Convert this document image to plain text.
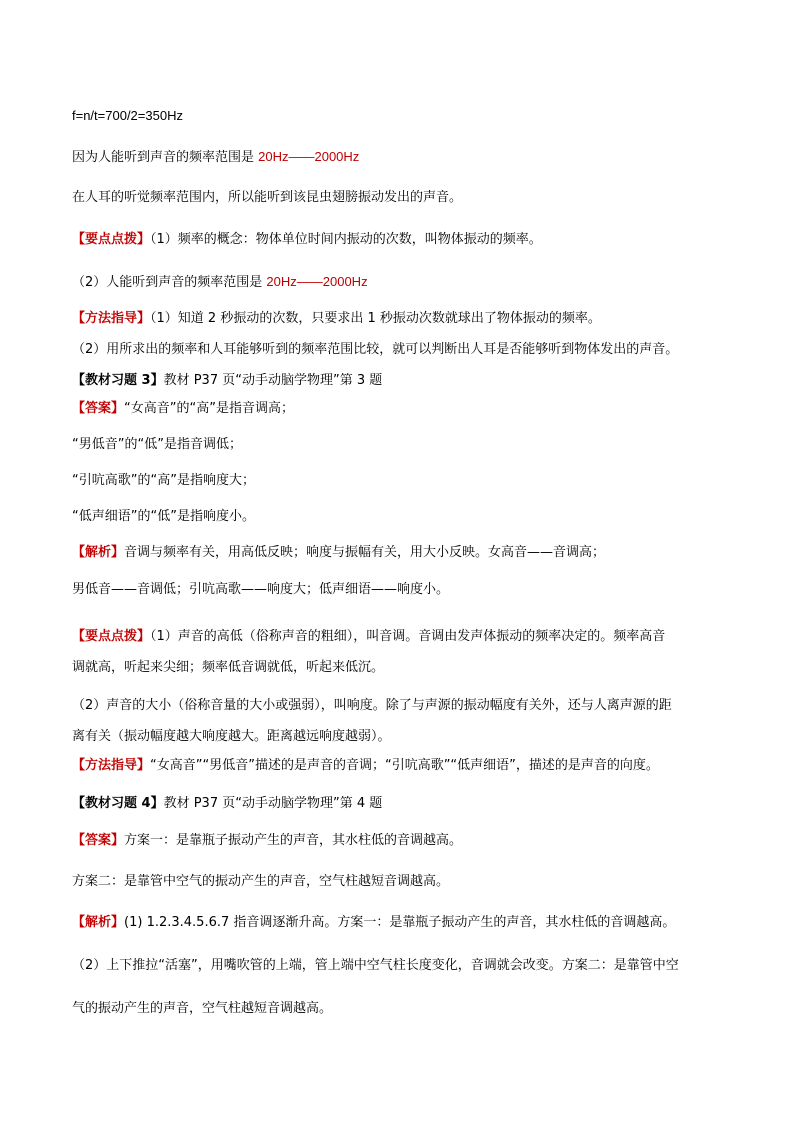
f=n/t=700/2=350Hz
因为人能听到声音的频率范围是 20Hz——2000Hz
在人耳的听觉频率范围内，所以能听到该昆虫翅膀振动发出的声音。
【要点点拨】（1）频率的概念：物体单位时间内振动的次数，叫物体振动的频率。
（2）人能听到声音的频率范围是 20Hz——2000Hz
【方法指导】（1）知道 2 秒振动的次数，只要求出 1 秒振动次数就球出了物体振动的频率。
（2）用所求出的频率和人耳能够听到的频率范围比较，就可以判断出人耳是否能够听到物体发出的声音。
【教材习题 3】教材 P37 页“动手动脑学物理”第 3 题
【答案】“女高音”的“高”是指音调高；
“男低音”的“低”是指音调低；
“引吭高歌”的“高”是指响度大；
“低声细语”的“低”是指响度小。
【解析】音调与频率有关，用高低反映；响度与振幅有关，用大小反映。女高音——音调高；
男低音——音调低；引吭高歌——响度大；低声细语——响度小。
【要点点拨】（1）声音的高低（俗称声音的粗细），叫音调。音调由发声体振动的频率决定的。频率高音
调就高，听起来尖细；频率低音调就低，听起来低沉。
（2）声音的大小（俗称音量的大小或强弱），叫响度。除了与声源的振动幅度有关外，还与人离声源的距
离有关（振动幅度越大响度越大。距离越远响度越弱）。
【方法指导】“女高音”“男低音”描述的是声音的音调；“引吭高歌”“低声细语”，描述的是声音的向度。
【教材习题 4】教材 P37 页“动手动脑学物理”第 4 题
【答案】方案一：是靠瓶子振动产生的声音，其水柱低的音调越高。
方案二：是靠管中空气的振动产生的声音，空气柱越短音调越高。
【解析】(1) 1.2.3.4.5.6.7 指音调逐渐升高。方案一：是靠瓶子振动产生的声音，其水柱低的音调越高。
（2）上下推拉“活塞”，用嘴吹管的上端，管上端中空气柱长度变化，音调就会改变。方案二：是靠管中空
气的振动产生的声音，空气柱越短音调越高。
